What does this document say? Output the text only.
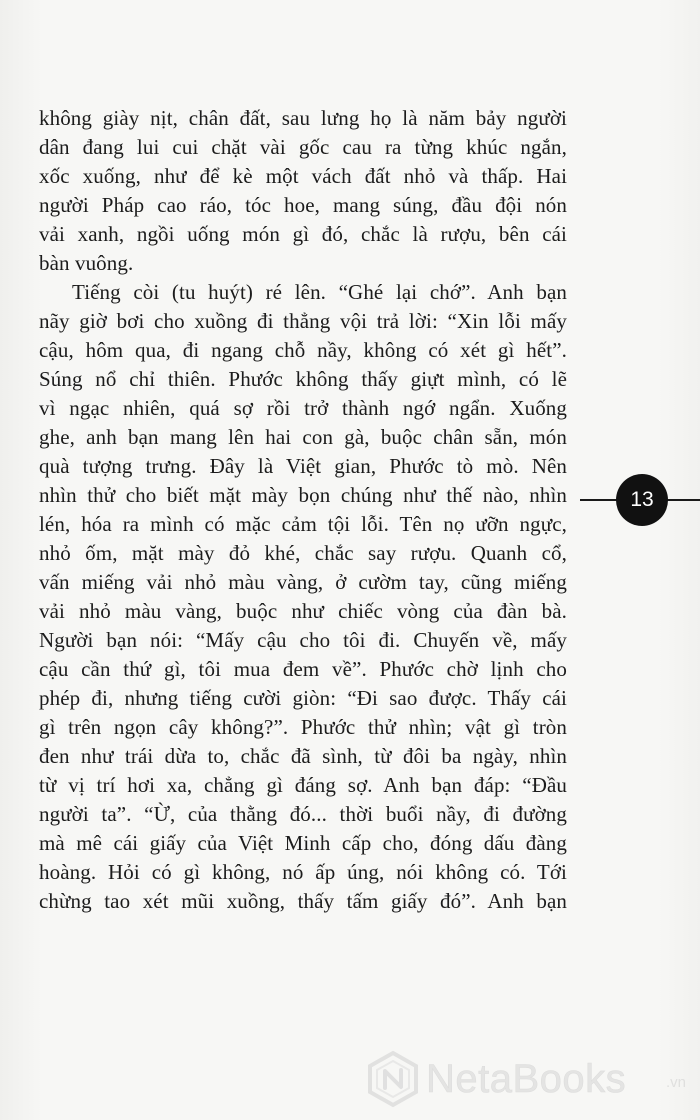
không giày nịt, chân đất, sau lưng họ là năm bảy người
dân đang lui cui chặt vài gốc cau ra từng khúc ngắn,
xốc xuống, như để kè một vách đất nhỏ và thấp. Hai
người Pháp cao ráo, tóc hoe, mang súng, đầu đội nón
vải xanh, ngồi uống món gì đó, chắc là rượu, bên cái
bàn vuông.
Tiếng còi (tu huýt) ré lên. “Ghé lại chớ”. Anh bạn
nãy giờ bơi cho xuồng đi thẳng vội trả lời: “Xin lỗi mấy
cậu, hôm qua, đi ngang chỗ nầy, không có xét gì hết”.
Súng nổ chỉ thiên. Phước không thấy giựt mình, có lẽ
vì ngạc nhiên, quá sợ rồi trở thành ngớ ngẩn. Xuống
ghe, anh bạn mang lên hai con gà, buộc chân sẵn, món
quà tượng trưng. Đây là Việt gian, Phước tò mò. Nên
nhìn thử cho biết mặt mày bọn chúng như thế nào, nhìn
lén, hóa ra mình có mặc cảm tội lỗi. Tên nọ ưỡn ngực,
nhỏ ốm, mặt mày đỏ khé, chắc say rượu. Quanh cổ,
vấn miếng vải nhỏ màu vàng, ở cườm tay, cũng miếng
vải nhỏ màu vàng, buộc như chiếc vòng của đàn bà.
Người bạn nói: “Mấy cậu cho tôi đi. Chuyến về, mấy
cậu cần thứ gì, tôi mua đem về”. Phước chờ lịnh cho
phép đi, nhưng tiếng cười giòn: “Đi sao được. Thấy cái
gì trên ngọn cây không?”. Phước thử nhìn; vật gì tròn
đen như trái dừa to, chắc đã sình, từ đôi ba ngày, nhìn
từ vị trí hơi xa, chẳng gì đáng sợ. Anh bạn đáp: “Đầu
người ta”. “Ừ, của thằng đó... thời buổi nầy, đi đường
mà mê cái giấy của Việt Minh cấp cho, đóng dấu đàng
hoàng. Hỏi có gì không, nó ấp úng, nói không có. Tới
chừng tao xét mũi xuồng, thấy tấm giấy đó”. Anh bạn
13
NetaBooks	.vn
